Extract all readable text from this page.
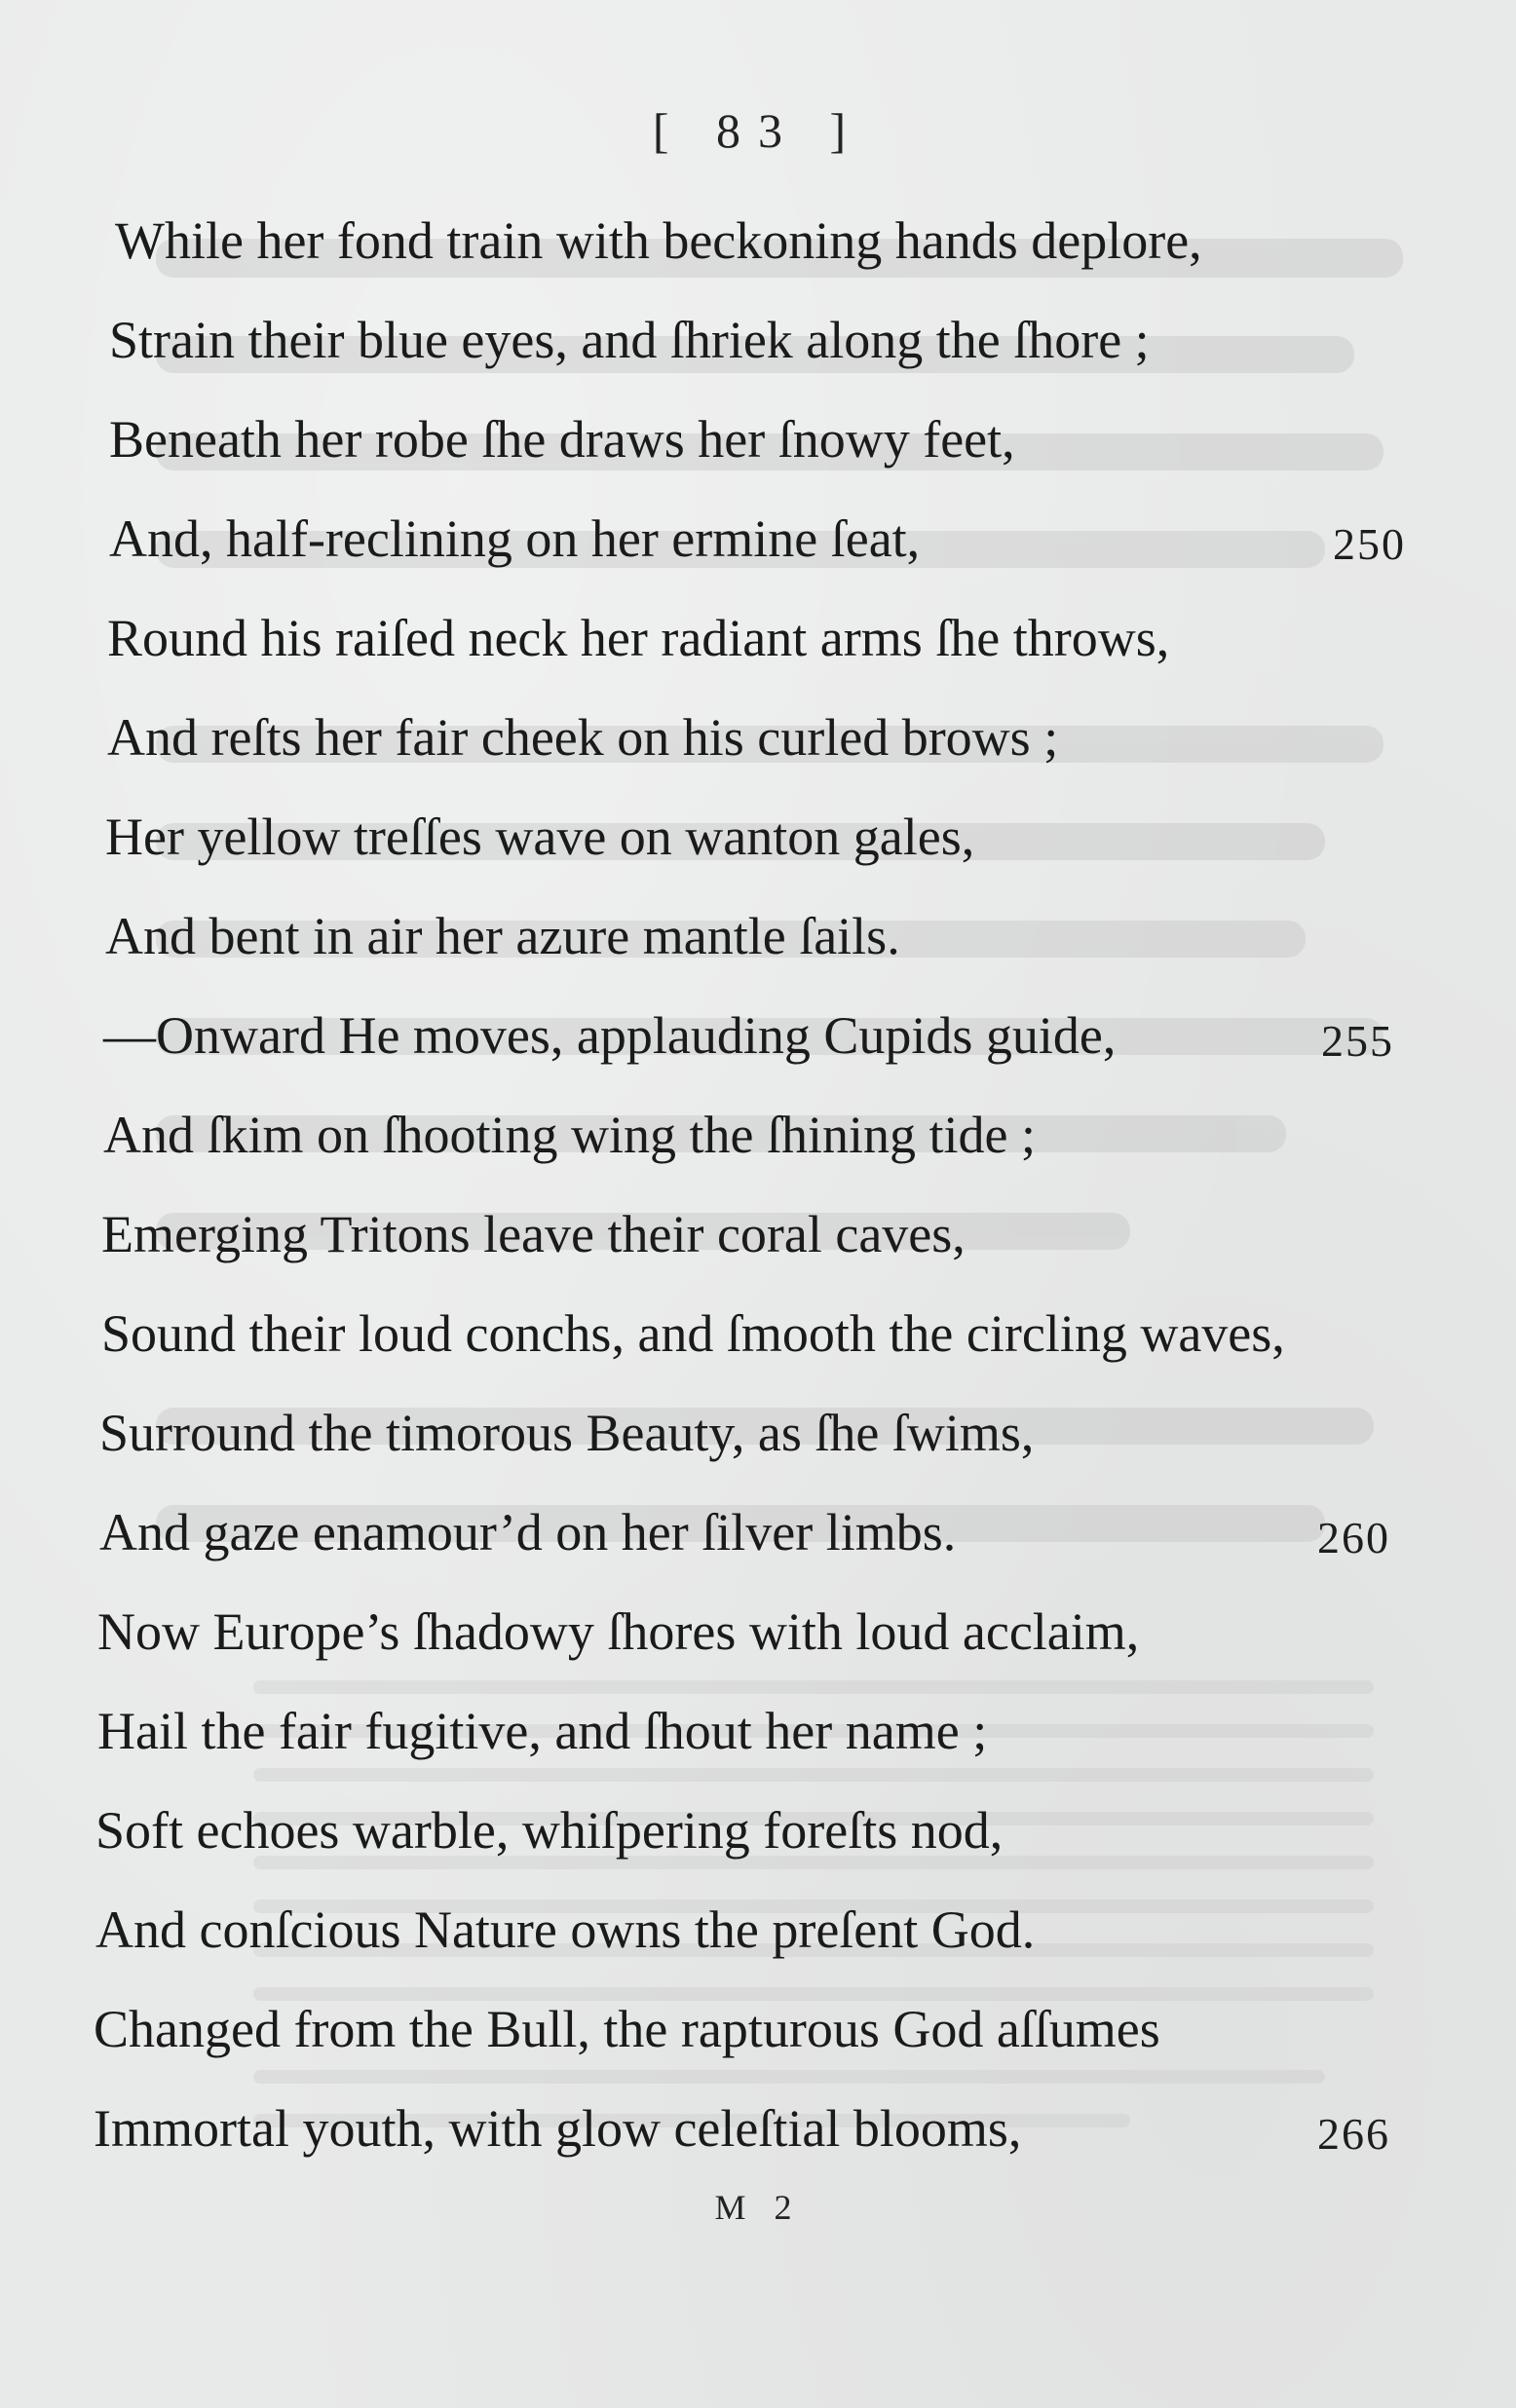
[ 83 ]
While her fond train with beckoning hands deplore,
Strain their blue eyes, and ſhriek along the ſhore ;
Beneath her robe ſhe draws her ſnowy feet,
And, half-reclining on her ermine ſeat,	250
Round his raiſed neck her radiant arms ſhe throws,
And reſts her fair cheek on his curled brows ;
Her yellow treſſes wave on wanton gales,
And bent in air her azure mantle ſails.
—Onward He moves, applauding Cupids guide,	255
And ſkim on ſhooting wing the ſhining tide ;
Emerging Tritons leave their coral caves,
Sound their loud conchs, and ſmooth the circling waves,
Surround the timorous Beauty, as ſhe ſwims,
And gaze enamour’d on her ſilver limbs.	260
Now Europe’s ſhadowy ſhores with loud acclaim,
Hail the fair fugitive, and ſhout her name ;
Soft echoes warble, whiſpering foreſts nod,
And conſcious Nature owns the preſent God.
Changed from the Bull, the rapturous God aſſumes
Immortal youth, with glow celeſtial blooms,	266
M 2
